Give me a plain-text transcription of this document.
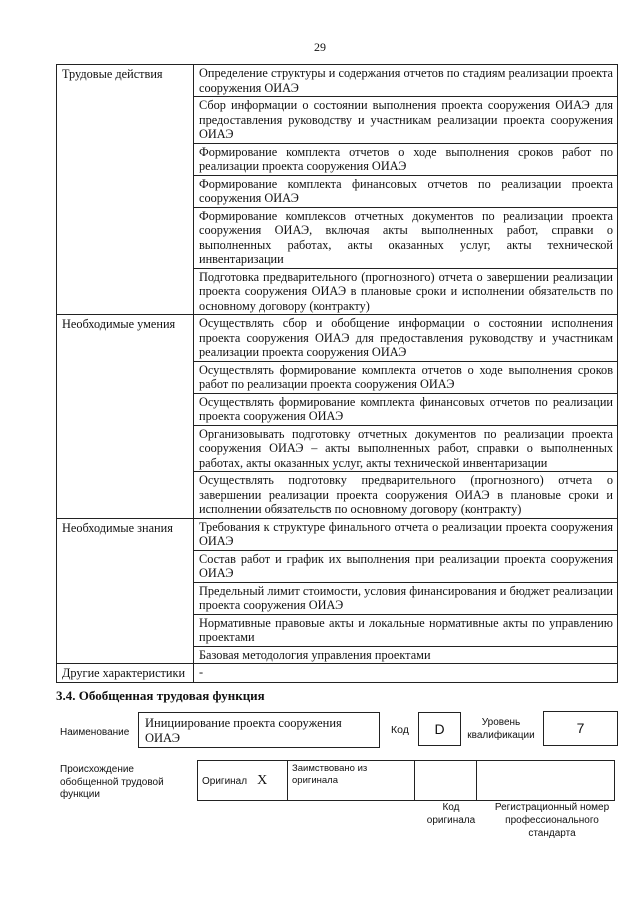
29
Трудовые действия	Определение структуры и содержания отчетов по стадиям реализации проекта сооружения ОИАЭ
	Сбор информации о состоянии выполнения проекта сооружения ОИАЭ для предоставления руководству и участникам реализации проекта сооружения ОИАЭ
	Формирование комплекта отчетов о ходе выполнения сроков работ по реализации проекта сооружения ОИАЭ
	Формирование комплекта финансовых отчетов по реализации проекта сооружения ОИАЭ
	Формирование комплексов отчетных документов по реализации проекта сооружения ОИАЭ, включая акты выполненных работ, справки о выполненных работах, акты оказанных услуг, акты технической инвентаризации
	Подготовка предварительного (прогнозного) отчета о завершении реализации проекта сооружения ОИАЭ в плановые сроки и исполнении обязательств по основному договору (контракту)
Необходимые умения	Осуществлять сбор и обобщение информации о состоянии исполнения проекта сооружения ОИАЭ для предоставления руководству и участникам реализации проекта сооружения ОИАЭ
	Осуществлять формирование комплекта отчетов о ходе выполнения сроков работ по реализации проекта сооружения ОИАЭ
	Осуществлять формирование комплекта финансовых отчетов по реализации проекта сооружения ОИАЭ
	Организовывать подготовку отчетных документов по реализации проекта сооружения ОИАЭ – акты выполненных работ, справки о выполненных работах, акты оказанных услуг, акты технической инвентаризации
	Осуществлять подготовку предварительного (прогнозного) отчета о завершении реализации проекта сооружения ОИАЭ в плановые сроки и исполнении обязательств по основному договору (контракту)
Необходимые знания	Требования к структуре финального отчета о реализации проекта сооружения ОИАЭ
	Состав работ и график их выполнения при реализации проекта сооружения ОИАЭ
	Предельный лимит стоимости, условия финансирования и бюджет реализации проекта сооружения ОИАЭ
	Нормативные правовые акты и локальные нормативные акты по управлению проектами
	Базовая методология управления проектами
Другие характеристики	-
3.4. Обобщенная трудовая функция
Наименование
Инициирование проекта сооружения ОИАЭ
Код	D	Уровень квалификации	7
Происхождение обобщенной трудовой функции
Оригинал X	Заимствовано из оригинала		
Код оригинала
Регистрационный номер профессионального стандарта
